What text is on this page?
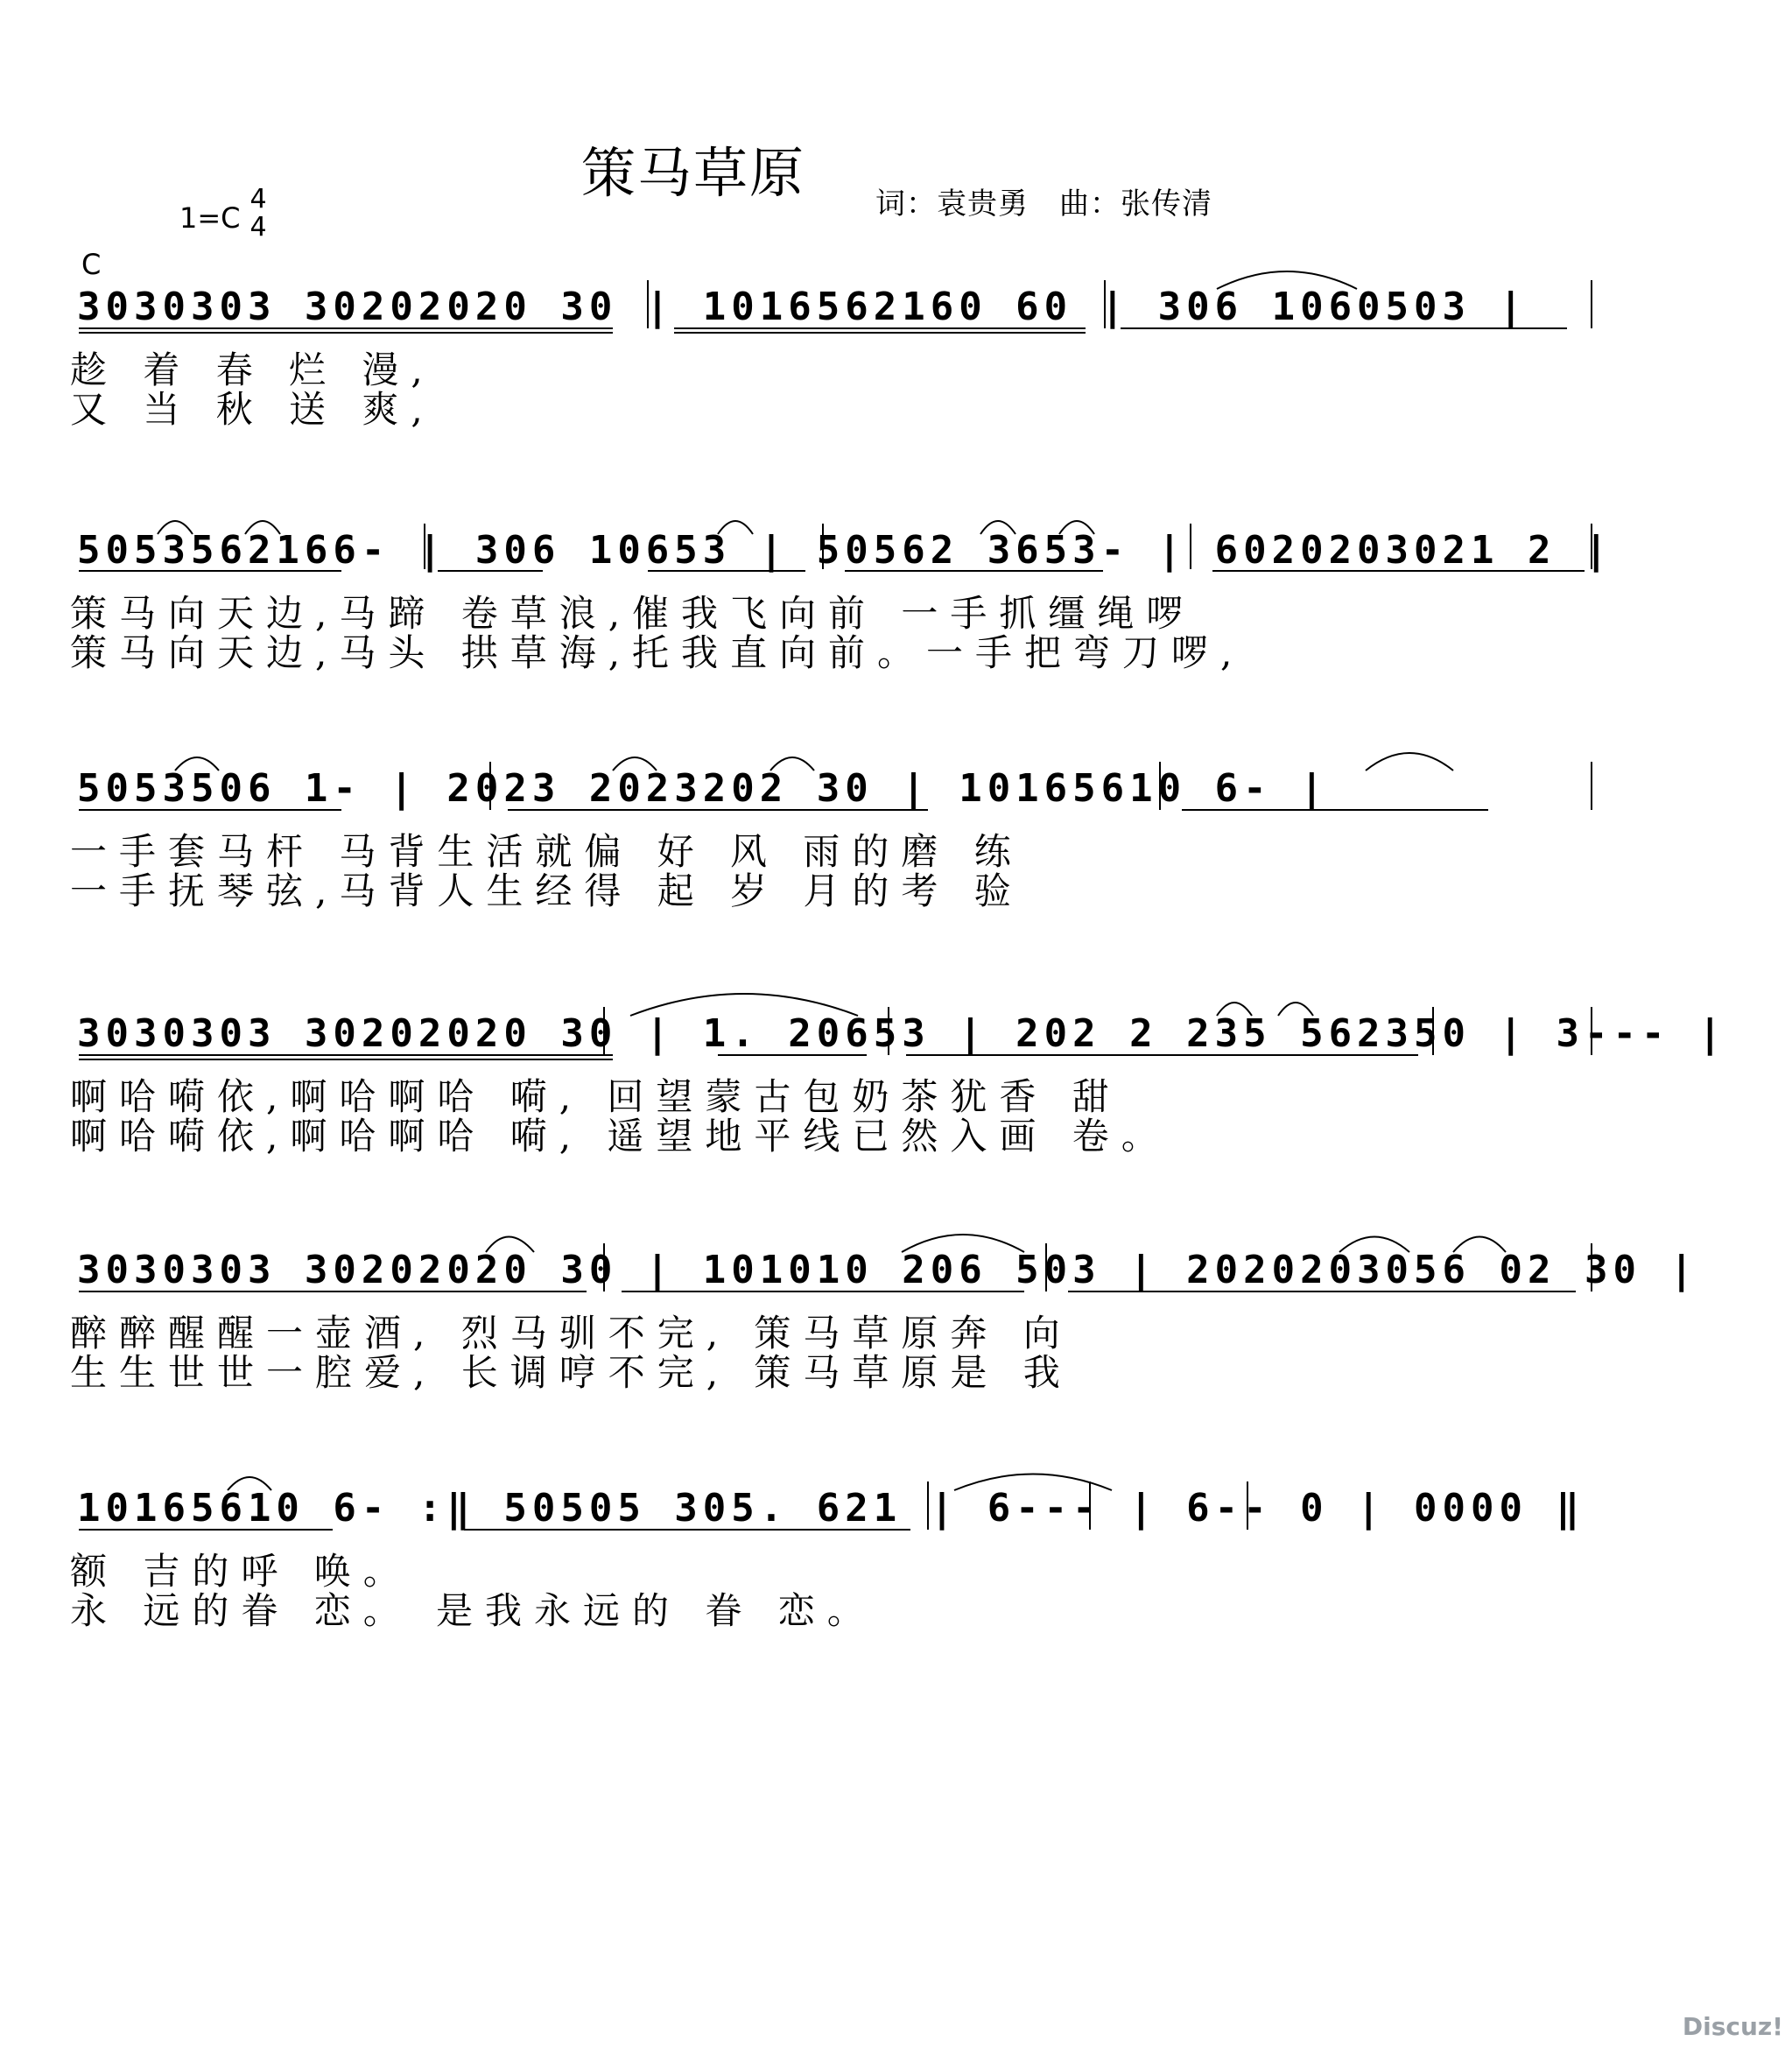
策马草原 词：袁贵勇　曲：张传清
1=C
4
4
C
3030303 30202020 30 | 1016562160 60 | 306 1060503 |
趁 着 春 烂 漫,
又 当 秋 送 爽,
5053562166- | 306 10653 | 50562 3653- | 6020203021 2 |
策马向天边,马蹄 卷草浪,催我飞向前 一手抓缰绳啰
策马向天边,马头 拱草海,托我直向前。一手把弯刀啰,
5053506 1- | 2023 2023202 30 | 10165610 6- |
一手套马杆 马背生活就偏 好 风 雨的磨 练
一手抚琴弦,马背人生经得 起 岁 月的考 验
3030303 30202020 30 | 1. 20653 | 202 2 235 562350 | 3--- |
啊哈嗬依,啊哈啊哈 嗬, 回望蒙古包奶茶犹香 甜
啊哈嗬依,啊哈啊哈 嗬, 遥望地平线已然入画 卷。
3030303 30202020 30 | 101010 206 503 | 2020203056 02 30 |
醉醉醒醒一壶酒, 烈马驯不完, 策马草原奔 向
生生世世一腔爱, 长调哼不完, 策马草原是 我
10165610 6- :‖ 50505 305. 621 | 6--- | 6-- 0 | 0000 ‖
额 吉的呼 唤。
永 远的眷 恋。 是我永远的 眷 恋。
Discuz!
